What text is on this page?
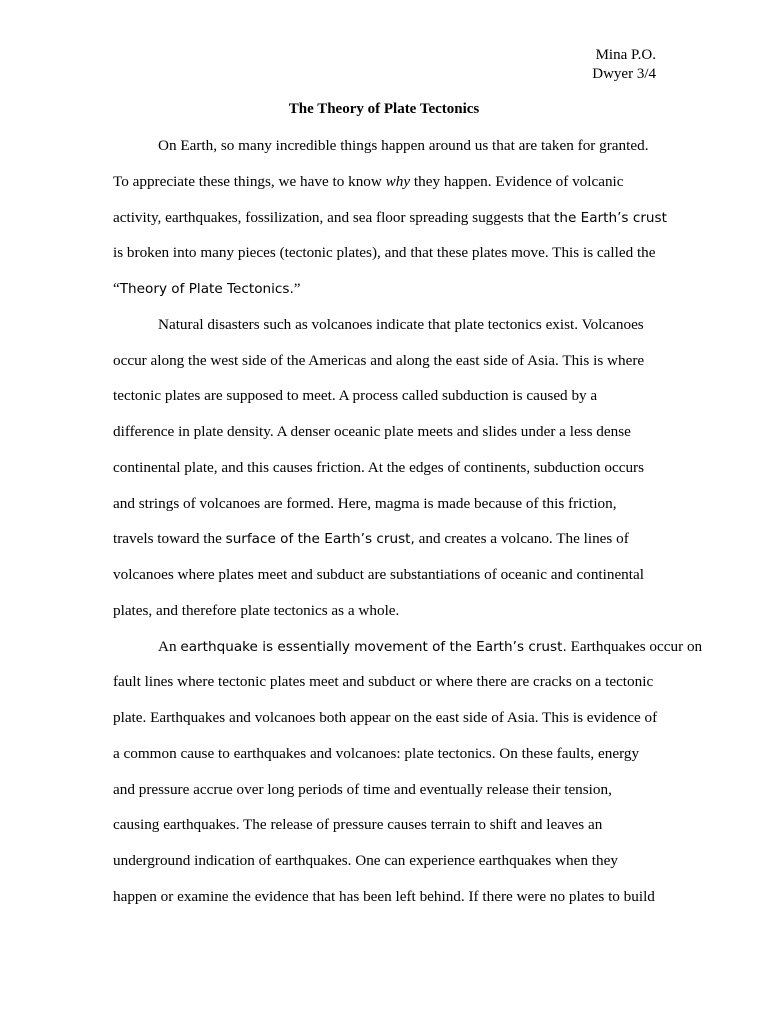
Mina P.O.
Dwyer 3/4
The Theory of Plate Tectonics
On Earth, so many incredible things happen around us that are taken for granted.
To appreciate these things, we have to know why they happen. Evidence of volcanic
activity, earthquakes, fossilization, and sea floor spreading suggests that the Earth’s crust
is broken into many pieces (tectonic plates), and that these plates move. This is called the
“Theory of Plate Tectonics.”
Natural disasters such as volcanoes indicate that plate tectonics exist. Volcanoes
occur along the west side of the Americas and along the east side of Asia. This is where
tectonic plates are supposed to meet. A process called subduction is caused by a
difference in plate density. A denser oceanic plate meets and slides under a less dense
continental plate, and this causes friction. At the edges of continents, subduction occurs
and strings of volcanoes are formed. Here, magma is made because of this friction,
travels toward the surface of the Earth’s crust, and creates a volcano. The lines of
volcanoes where plates meet and subduct are substantiations of oceanic and continental
plates, and therefore plate tectonics as a whole.
An earthquake is essentially movement of the Earth’s crust. Earthquakes occur on
fault lines where tectonic plates meet and subduct or where there are cracks on a tectonic
plate. Earthquakes and volcanoes both appear on the east side of Asia. This is evidence of
a common cause to earthquakes and volcanoes: plate tectonics. On these faults, energy
and pressure accrue over long periods of time and eventually release their tension,
causing earthquakes. The release of pressure causes terrain to shift and leaves an
underground indication of earthquakes. One can experience earthquakes when they
happen or examine the evidence that has been left behind. If there were no plates to build
